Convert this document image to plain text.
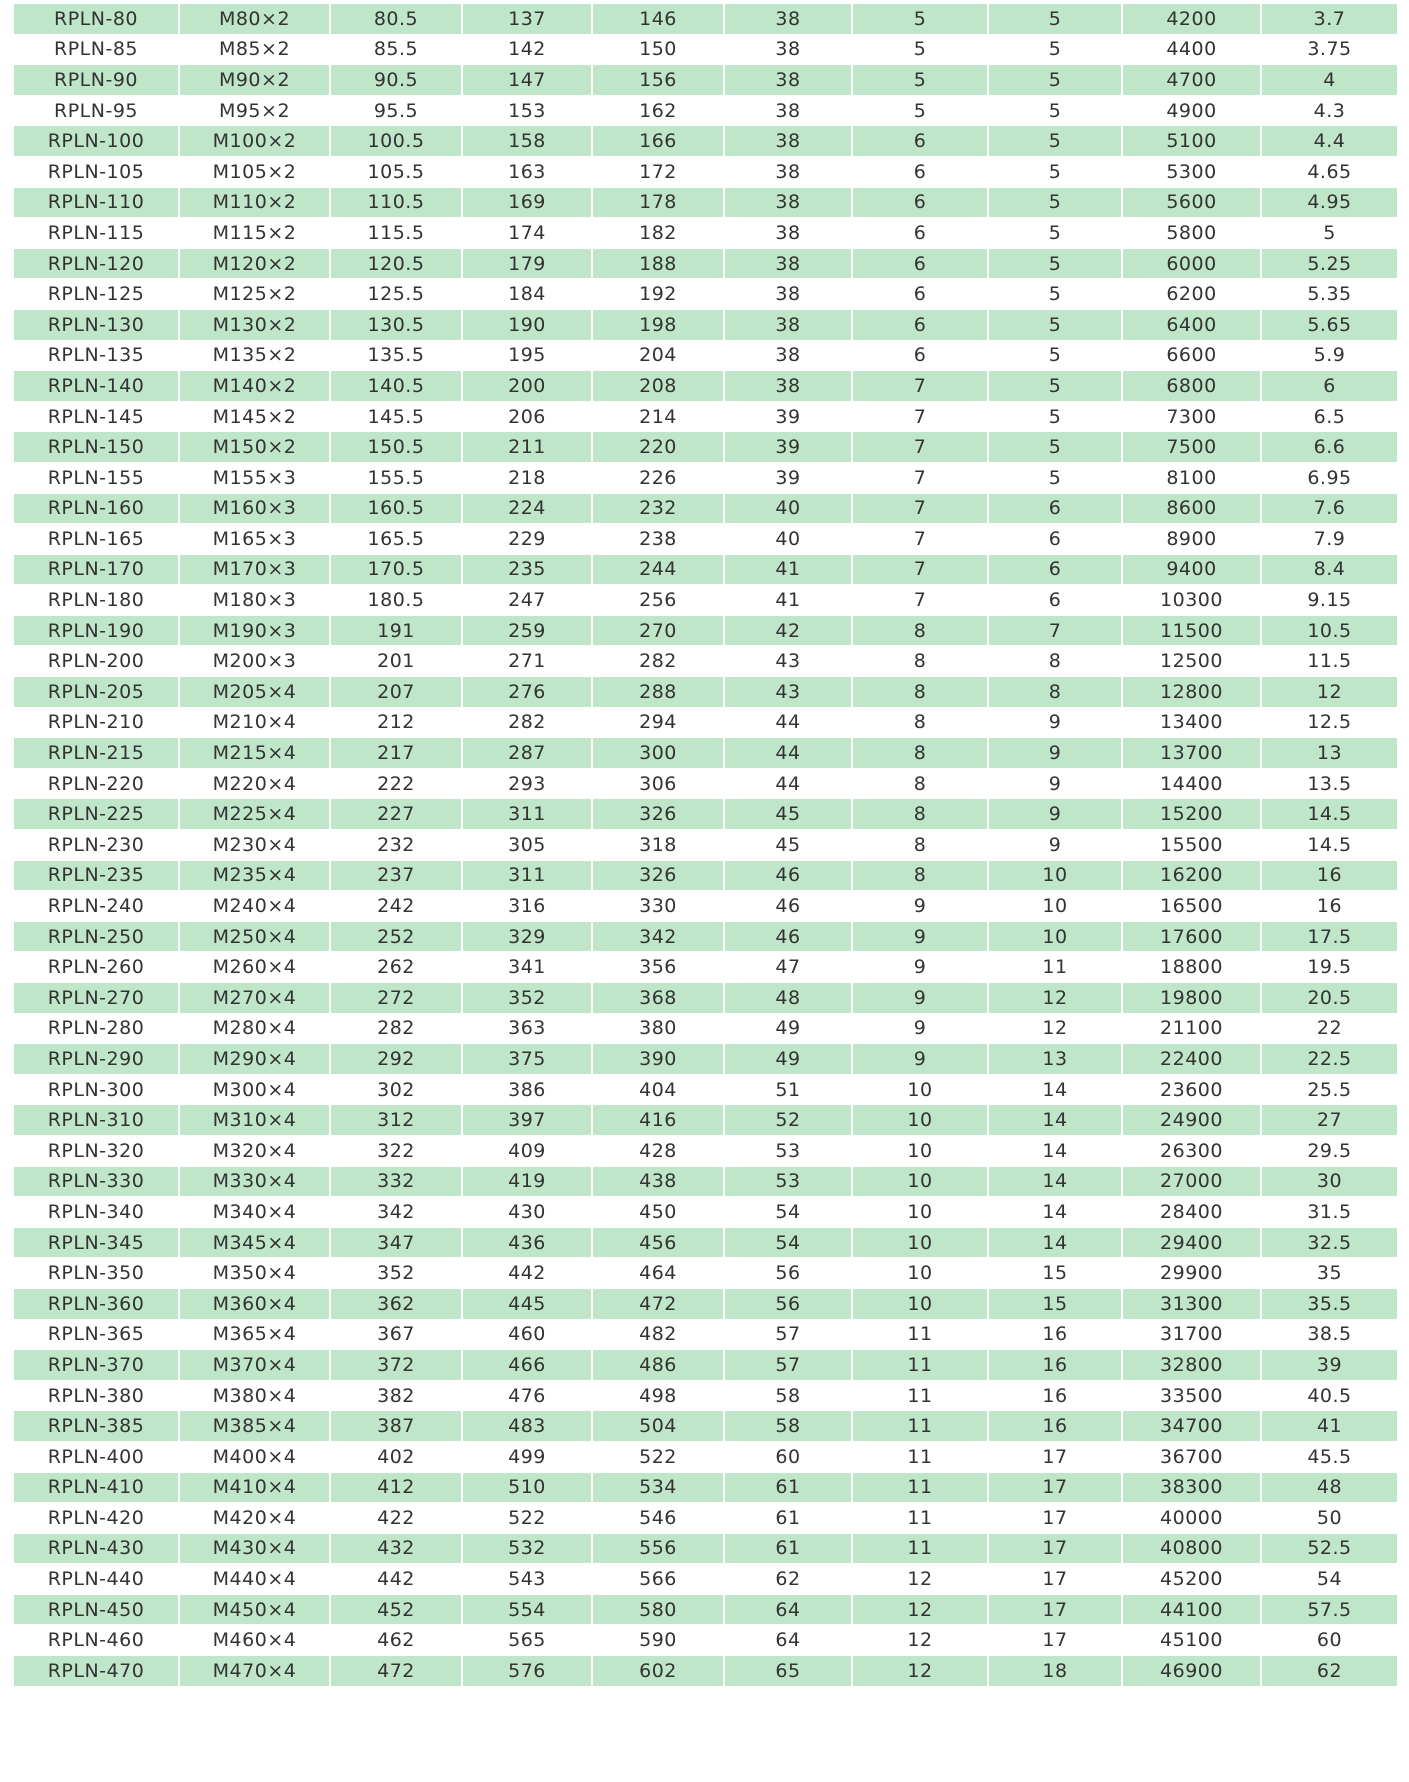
RPLN-80	M80×2	80.5	137	146	38	5	5	4200	3.7
RPLN-85	M85×2	85.5	142	150	38	5	5	4400	3.75
RPLN-90	M90×2	90.5	147	156	38	5	5	4700	4
RPLN-95	M95×2	95.5	153	162	38	5	5	4900	4.3
RPLN-100	M100×2	100.5	158	166	38	6	5	5100	4.4
RPLN-105	M105×2	105.5	163	172	38	6	5	5300	4.65
RPLN-110	M110×2	110.5	169	178	38	6	5	5600	4.95
RPLN-115	M115×2	115.5	174	182	38	6	5	5800	5
RPLN-120	M120×2	120.5	179	188	38	6	5	6000	5.25
RPLN-125	M125×2	125.5	184	192	38	6	5	6200	5.35
RPLN-130	M130×2	130.5	190	198	38	6	5	6400	5.65
RPLN-135	M135×2	135.5	195	204	38	6	5	6600	5.9
RPLN-140	M140×2	140.5	200	208	38	7	5	6800	6
RPLN-145	M145×2	145.5	206	214	39	7	5	7300	6.5
RPLN-150	M150×2	150.5	211	220	39	7	5	7500	6.6
RPLN-155	M155×3	155.5	218	226	39	7	5	8100	6.95
RPLN-160	M160×3	160.5	224	232	40	7	6	8600	7.6
RPLN-165	M165×3	165.5	229	238	40	7	6	8900	7.9
RPLN-170	M170×3	170.5	235	244	41	7	6	9400	8.4
RPLN-180	M180×3	180.5	247	256	41	7	6	10300	9.15
RPLN-190	M190×3	191	259	270	42	8	7	11500	10.5
RPLN-200	M200×3	201	271	282	43	8	8	12500	11.5
RPLN-205	M205×4	207	276	288	43	8	8	12800	12
RPLN-210	M210×4	212	282	294	44	8	9	13400	12.5
RPLN-215	M215×4	217	287	300	44	8	9	13700	13
RPLN-220	M220×4	222	293	306	44	8	9	14400	13.5
RPLN-225	M225×4	227	311	326	45	8	9	15200	14.5
RPLN-230	M230×4	232	305	318	45	8	9	15500	14.5
RPLN-235	M235×4	237	311	326	46	8	10	16200	16
RPLN-240	M240×4	242	316	330	46	9	10	16500	16
RPLN-250	M250×4	252	329	342	46	9	10	17600	17.5
RPLN-260	M260×4	262	341	356	47	9	11	18800	19.5
RPLN-270	M270×4	272	352	368	48	9	12	19800	20.5
RPLN-280	M280×4	282	363	380	49	9	12	21100	22
RPLN-290	M290×4	292	375	390	49	9	13	22400	22.5
RPLN-300	M300×4	302	386	404	51	10	14	23600	25.5
RPLN-310	M310×4	312	397	416	52	10	14	24900	27
RPLN-320	M320×4	322	409	428	53	10	14	26300	29.5
RPLN-330	M330×4	332	419	438	53	10	14	27000	30
RPLN-340	M340×4	342	430	450	54	10	14	28400	31.5
RPLN-345	M345×4	347	436	456	54	10	14	29400	32.5
RPLN-350	M350×4	352	442	464	56	10	15	29900	35
RPLN-360	M360×4	362	445	472	56	10	15	31300	35.5
RPLN-365	M365×4	367	460	482	57	11	16	31700	38.5
RPLN-370	M370×4	372	466	486	57	11	16	32800	39
RPLN-380	M380×4	382	476	498	58	11	16	33500	40.5
RPLN-385	M385×4	387	483	504	58	11	16	34700	41
RPLN-400	M400×4	402	499	522	60	11	17	36700	45.5
RPLN-410	M410×4	412	510	534	61	11	17	38300	48
RPLN-420	M420×4	422	522	546	61	11	17	40000	50
RPLN-430	M430×4	432	532	556	61	11	17	40800	52.5
RPLN-440	M440×4	442	543	566	62	12	17	45200	54
RPLN-450	M450×4	452	554	580	64	12	17	44100	57.5
RPLN-460	M460×4	462	565	590	64	12	17	45100	60
RPLN-470	M470×4	472	576	602	65	12	18	46900	62
